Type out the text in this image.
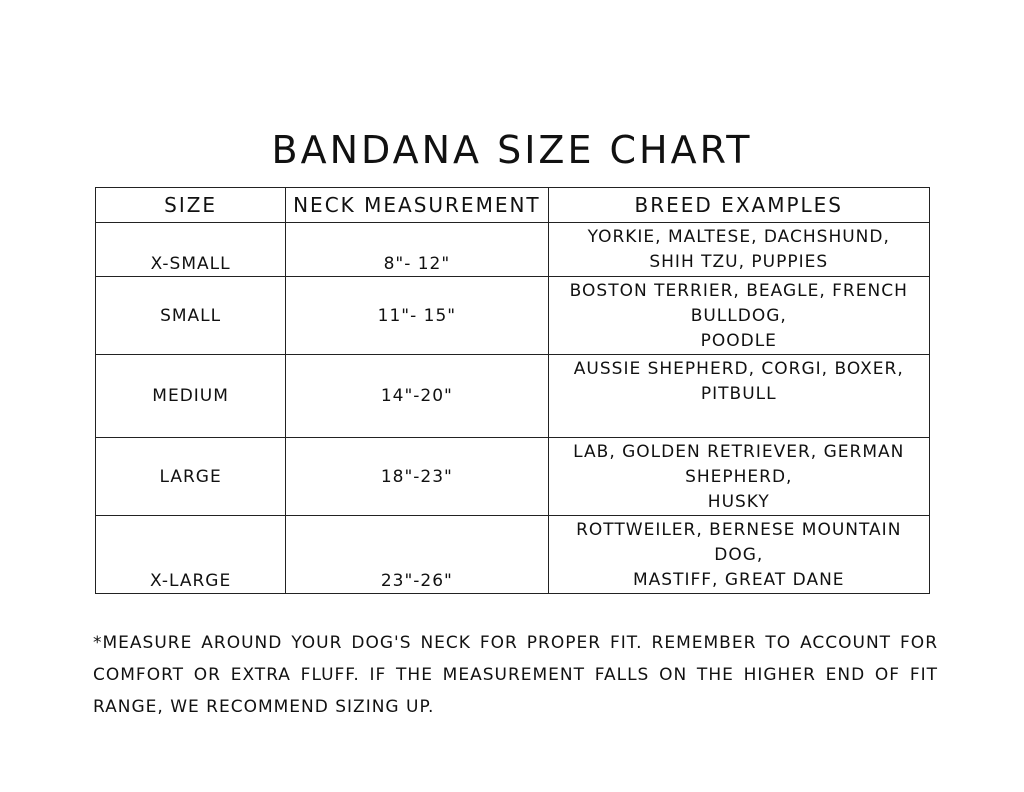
BANDANA SIZE CHART
SIZE	NECK MEASUREMENT	BREED EXAMPLES
X-SMALL	8"- 12"	YORKIE, MALTESE, DACHSHUND,
SHIH TZU, PUPPIES
SMALL	11"- 15"	BOSTON TERRIER, BEAGLE, FRENCH BULLDOG,
POODLE
MEDIUM	14"-20"	AUSSIE SHEPHERD, CORGI, BOXER, PITBULL
LARGE	18"-23"	LAB, GOLDEN RETRIEVER, GERMAN SHEPHERD,
HUSKY
X-LARGE	23"-26"	ROTTWEILER, BERNESE MOUNTAIN DOG,
MASTIFF, GREAT DANE

*MEASURE AROUND YOUR DOG'S NECK FOR PROPER FIT. REMEMBER TO ACCOUNT FOR COMFORT OR EXTRA FLUFF. IF THE MEASUREMENT FALLS ON THE HIGHER END OF FIT RANGE, WE RECOMMEND SIZING UP.
